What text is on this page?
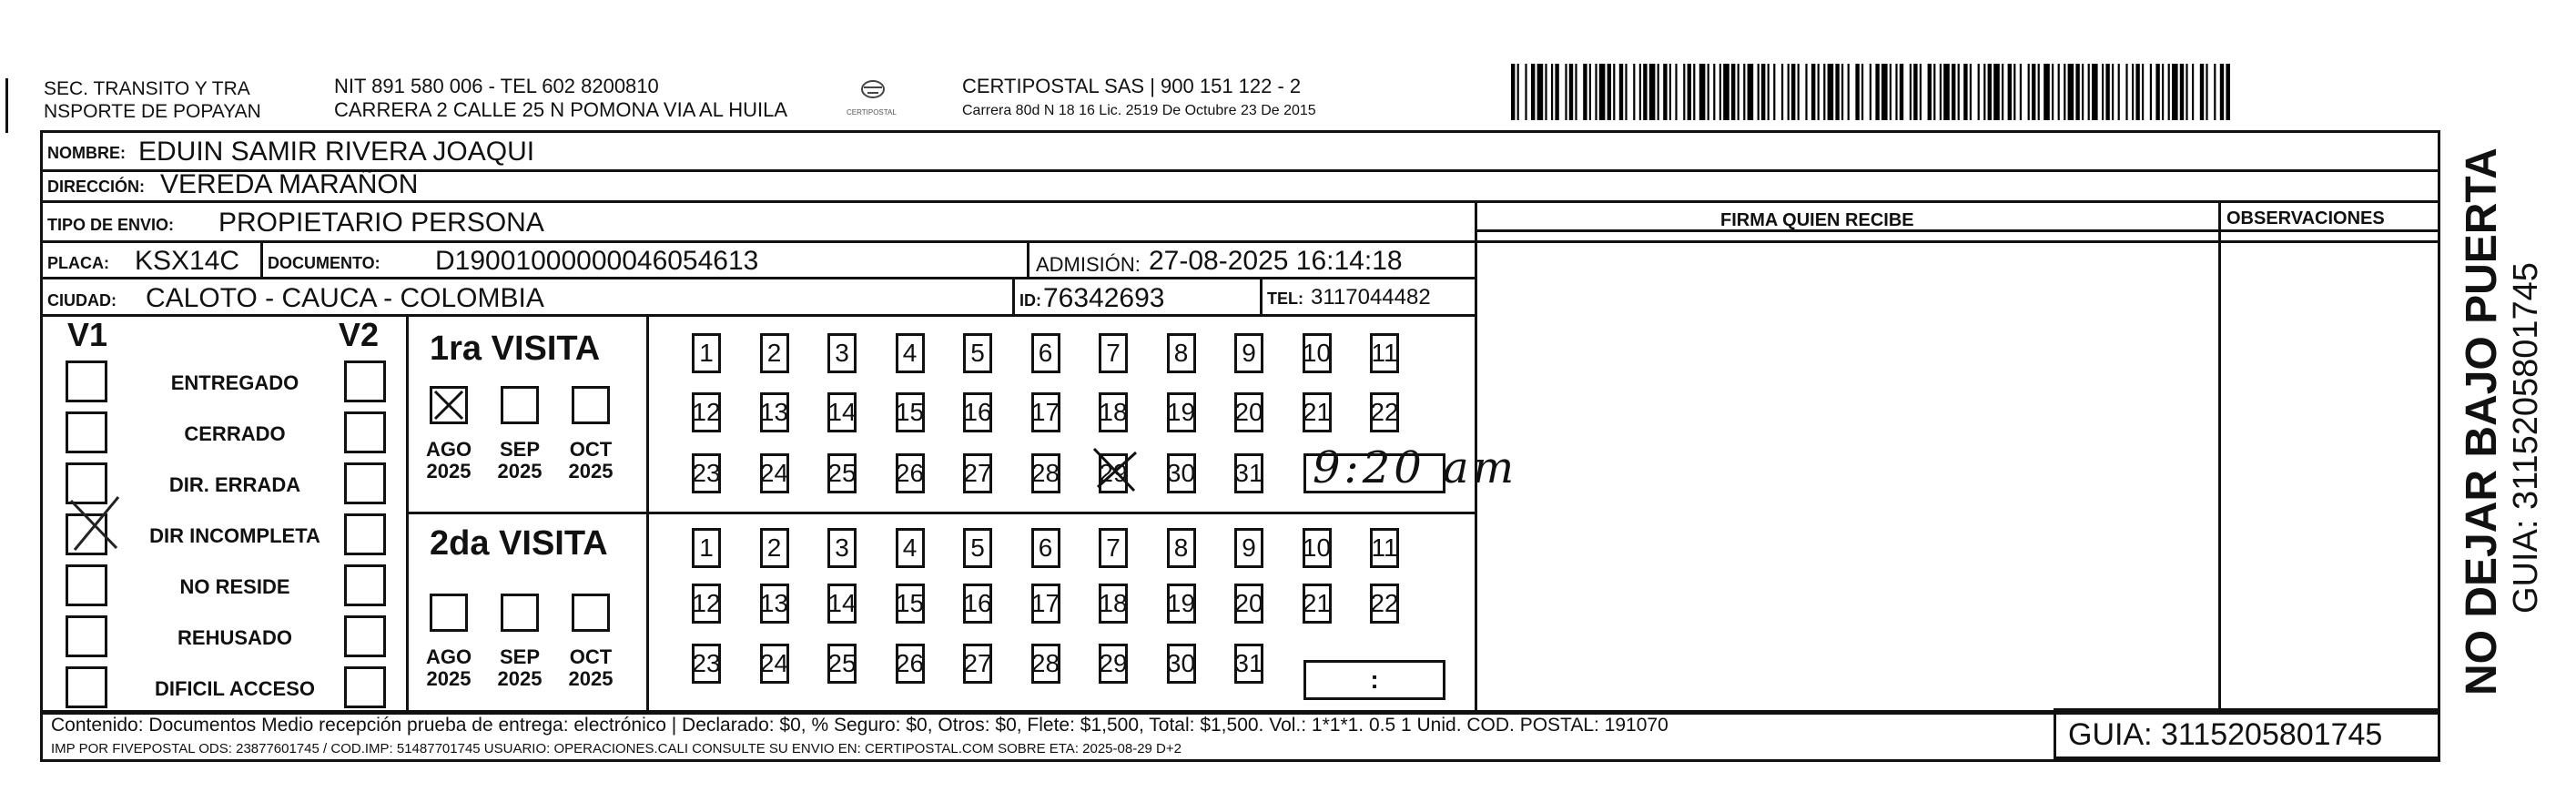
SEC. TRANSITO Y TRA
NSPORTE DE POPAYAN
NIT 891 580 006 - TEL 602 8200810
CARRERA 2 CALLE 25 N POMONA VIA AL HUILA	CERTIPOSTAL
CERTIPOSTAL SAS | 900 151 122 - 2
Carrera 80d N 18 16 Lic. 2519 De Octubre 23 De 2015
NOMBRE: EDUIN SAMIR RIVERA JOAQUI
DIRECCIÓN: VEREDA MARAÑON
TIPO DE ENVIO: PROPIETARIO PERSONA	FIRMA QUIEN RECIBE	OBSERVACIONES
PLACA: KSX14C DOCUMENTO: D19001000000046054613	ADMISIÓN: 27-08-2025 16:14:18
CIUDAD: CALOTO - CAUCA - COLOMBIA	ID: 76342693	TEL: 3117044482
V1	V2
ENTREGADO
CERRADO
DIR. ERRADA
DIR INCOMPLETA
NO RESIDE
REHUSADO
DIFICIL ACCESO
1ra VISITA
2da VISITA
AGO
2025
SEP
2025
OCT
2025
AGO
2025
SEP
2025
OCT
2025
1 2 3 4 5 6 7 8 9 10 11
12 13 14 15 16 17 18 19 20 21 22
23 24 25 26 27 28 29 30 31
1 2 3 4 5 6 7 8 9 10 11
12 13 14 15 16 17 18 19 20 21 22
23 24 25 26 27 28 29 30 31
9:20 am
:
Contenido: Documentos Medio recepción prueba de entrega: electrónico | Declarado: $0, % Seguro: $0, Otros: $0, Flete: $1,500, Total: $1,500. Vol.: 1*1*1. 0.5 1 Unid. COD. POSTAL: 191070
IMP POR FIVEPOSTAL ODS: 23877601745 / COD.IMP: 51487701745 USUARIO: OPERACIONES.CALI CONSULTE SU ENVIO EN: CERTIPOSTAL.COM SOBRE ETA: 2025-08-29 D+2	GUIA: 3115205801745
NO DEJAR BAJO PUERTA GUIA: 3115205801745
